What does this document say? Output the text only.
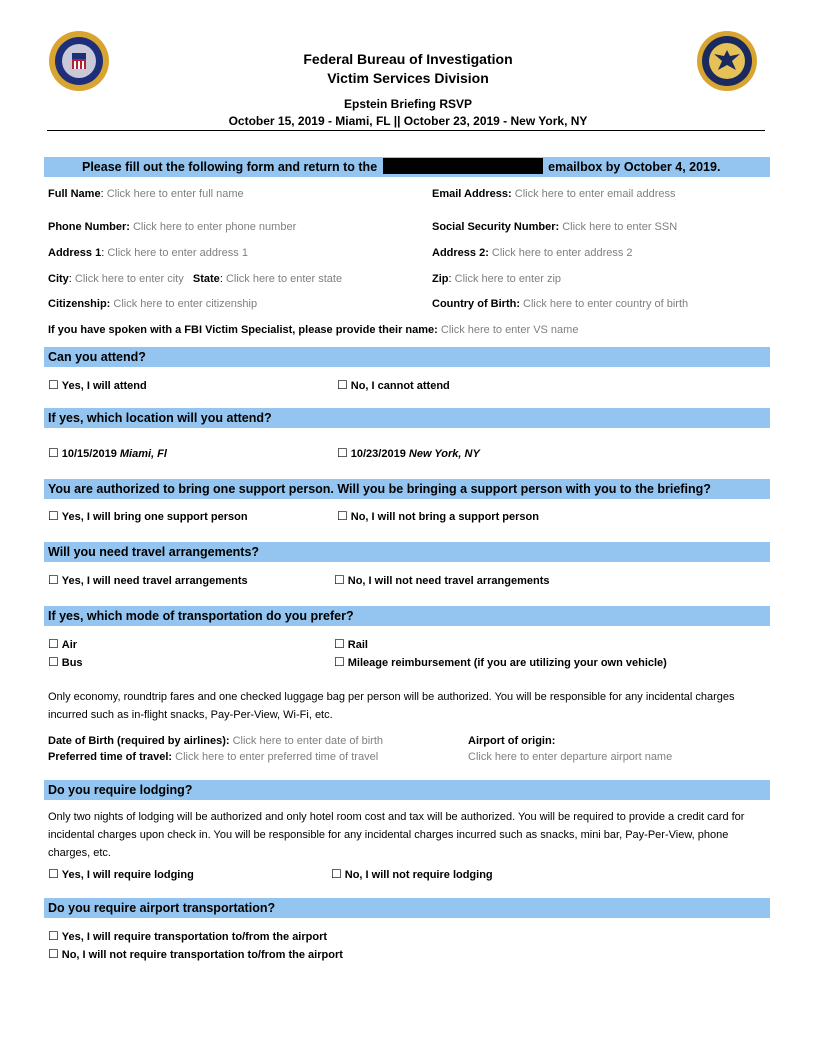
Federal Bureau of Investigation
Victim Services Division
Epstein Briefing RSVP
October 15, 2019 - Miami, FL || October 23, 2019 - New York, NY
Please fill out the following form and return to the	emailbox by October 4, 2019.
Full Name: Click here to enter full name	Email Address: Click here to enter email address
Phone Number: Click here to enter phone number	Social Security Number: Click here to enter SSN
Address 1: Click here to enter address 1	Address 2: Click here to enter address 2
City: Click here to enter city State: Click here to enter state	Zip: Click here to enter zip
Citizenship: Click here to enter citizenship	Country of Birth: Click here to enter country of birth
If you have spoken with a FBI Victim Specialist, please provide their name: Click here to enter VS name
Can you attend?
☐ Yes, I will attend	☐ No, I cannot attend
If yes, which location will you attend?
☐ 10/15/2019 Miami, Fl	☐ 10/23/2019 New York, NY
You are authorized to bring one support person. Will you be bringing a support person with you to the briefing?
☐ Yes, I will bring one support person	☐ No, I will not bring a support person
Will you need travel arrangements?
☐ Yes, I will need travel arrangements	☐ No, I will not need travel arrangements
If yes, which mode of transportation do you prefer?
☐ Air	☐ Rail
☐ Bus	☐ Mileage reimbursement (if you are utilizing your own vehicle)
Only economy, roundtrip fares and one checked luggage bag per person will be authorized. You will be responsible for any incidental charges incurred such as in-flight snacks, Pay-Per-View, Wi-Fi, etc.
Date of Birth (required by airlines): Click here to enter date of birth
Preferred time of travel: Click here to enter preferred time of travel
Airport of origin:
Click here to enter departure airport name
Do you require lodging?
Only two nights of lodging will be authorized and only hotel room cost and tax will be authorized. You will be required to provide a credit card for incidental charges upon check in. You will be responsible for any incidental charges incurred such as snacks, mini bar, Pay-Per-View, phone charges, etc.
☐ Yes, I will require lodging	☐ No, I will not require lodging
Do you require airport transportation?
☐ Yes, I will require transportation to/from the airport
☐ No, I will not require transportation to/from the airport
